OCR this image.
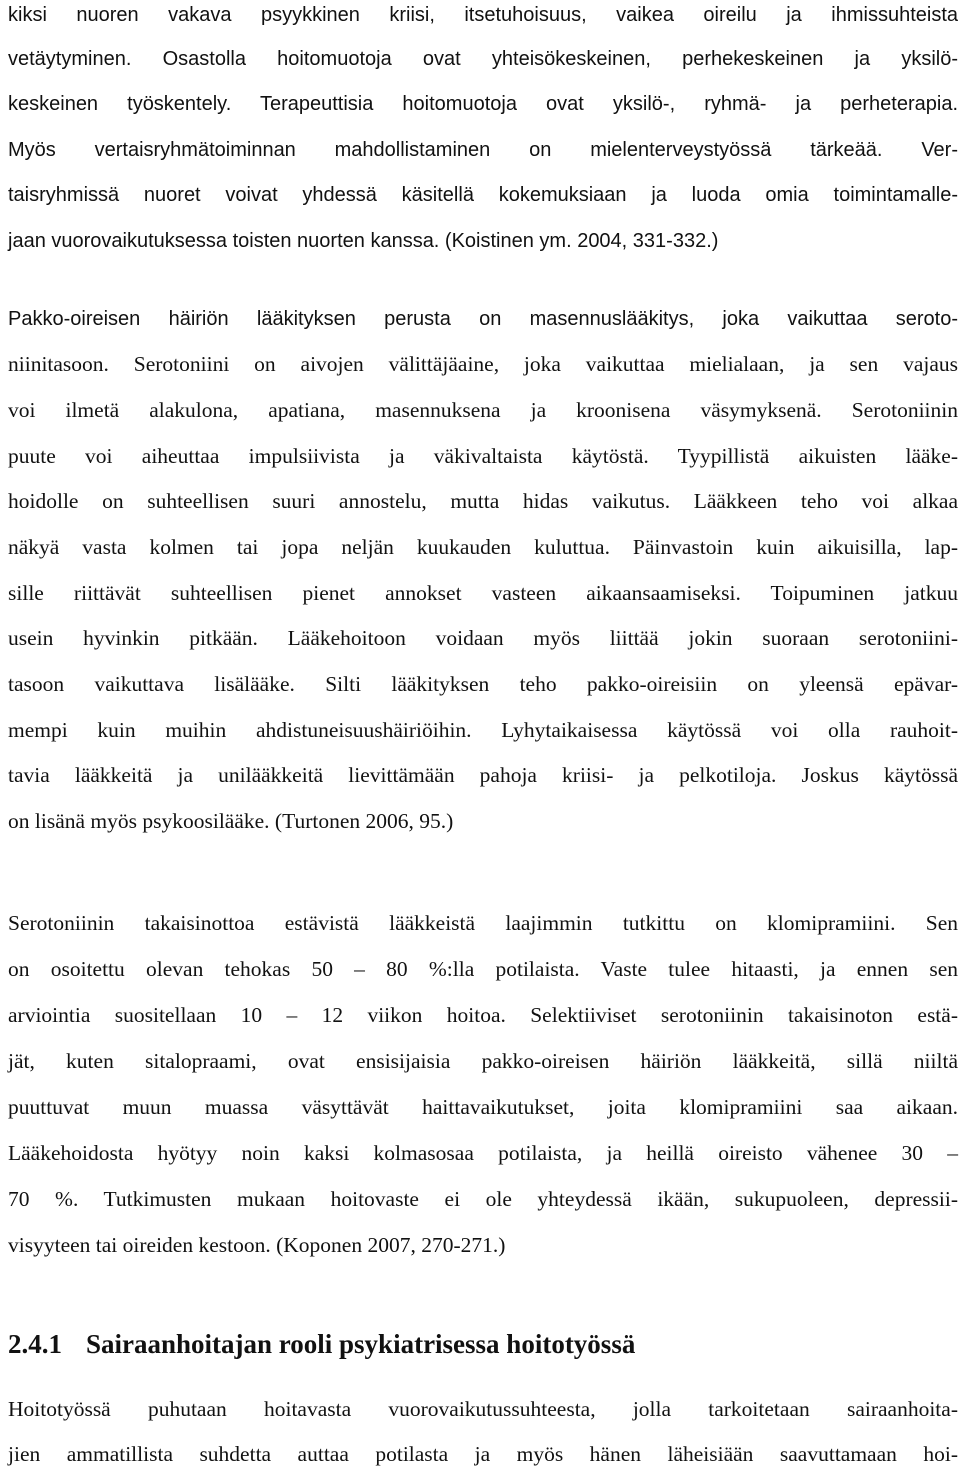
kiksi nuoren vakava psyykkinen kriisi, itsetuhoisuus, vaikea oireilu ja ihmissuhteista
vetäytyminen. Osastolla hoitomuotoja ovat yhteisökeskeinen, perhekeskeinen ja yksilö-
keskeinen työskentely. Terapeuttisia hoitomuotoja ovat yksilö-, ryhmä- ja perheterapia.
Myös vertaisryhmätoiminnan mahdollistaminen on mielenterveystyössä tärkeää. Ver-
taisryhmissä nuoret voivat yhdessä käsitellä kokemuksiaan ja luoda omia toimintamalle-
jaan vuorovaikutuksessa toisten nuorten kanssa. (Koistinen ym. 2004, 331-332.)
Pakko-oireisen häiriön lääkityksen perusta on masennuslääkitys, joka vaikuttaa seroto-
niinitasoon. Serotoniini on aivojen välittäjäaine, joka vaikuttaa mielialaan, ja sen vajaus
voi ilmetä alakulona, apatiana, masennuksena ja kroonisena väsymyksenä. Serotoniinin
puute voi aiheuttaa impulsiivista ja väkivaltaista käytöstä. Tyypillistä aikuisten lääke-
hoidolle on suhteellisen suuri annostelu, mutta hidas vaikutus. Lääkkeen teho voi alkaa
näkyä vasta kolmen tai jopa neljän kuukauden kuluttua. Päinvastoin kuin aikuisilla, lap-
sille riittävät suhteellisen pienet annokset vasteen aikaansaamiseksi. Toipuminen jatkuu
usein hyvinkin pitkään. Lääkehoitoon voidaan myös liittää jokin suoraan serotoniini-
tasoon vaikuttava lisälääke. Silti lääkityksen teho pakko-oireisiin on yleensä epävar-
mempi kuin muihin ahdistuneisuushäiriöihin. Lyhytaikaisessa käytössä voi olla rauhoit-
tavia lääkkeitä ja unilääkkeitä lievittämään pahoja kriisi- ja pelkotiloja. Joskus käytössä
on lisänä myös psykoosilääke. (Turtonen 2006, 95.)
Serotoniinin takaisinottoa estävistä lääkkeistä laajimmin tutkittu on klomipramiini. Sen
on osoitettu olevan tehokas 50 – 80 %:lla potilaista. Vaste tulee hitaasti, ja ennen sen
arviointia suositellaan 10 – 12 viikon hoitoa. Selektiiviset serotoniinin takaisinoton estä-
jät, kuten sitalopraami, ovat ensisijaisia pakko-oireisen häiriön lääkkeitä, sillä niiltä
puuttuvat muun muassa väsyttävät haittavaikutukset, joita klomipramiini saa aikaan.
Lääkehoidosta hyötyy noin kaksi kolmasosaa potilaista, ja heillä oireisto vähenee 30 –
70 %. Tutkimusten mukaan hoitovaste ei ole yhteydessä ikään, sukupuoleen, depressii-
visyyteen tai oireiden kestoon. (Koponen 2007, 270-271.)
2.4.1 Sairaanhoitajan rooli psykiatrisessa hoitotyössä
Hoitotyössä puhutaan hoitavasta vuorovaikutussuhteesta, jolla tarkoitetaan sairaanhoita-
jien ammatillista suhdetta auttaa potilasta ja myös hänen läheisiään saavuttamaan hoi-
